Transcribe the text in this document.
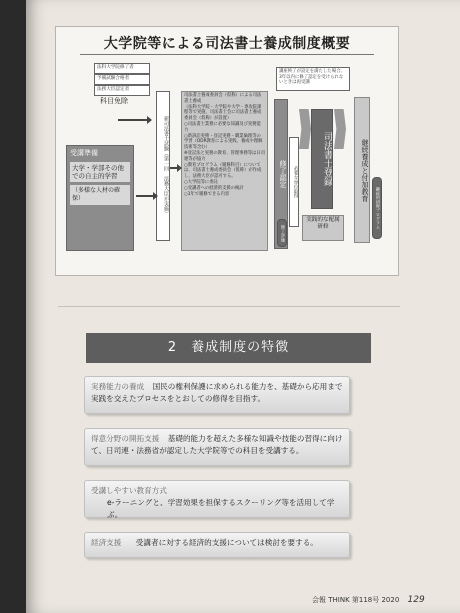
大学院等による司法書士養成制度概要
法科大学院修了者
予備試験合格者
法務大臣認定者
科目免除
受講準備
大学・学部その他での自主的学習
（多様な人材の確保）	新司法書士試験（第一回　法務大臣が実施）
司法書士養成委員会（仮称）による司法書士養成
（法科大学院・大学院や大学・専攻院課程等で実施、司法書士会に司法書士養成委員会（仮称）が設置）
○司法書士業務に必要な知識及び実務能力
○新訴訟実務・登記実務・職業倫理等の学習（ODR教育による実践、養成や理解技術等含む）
※登記法と実務の教育、管理事務等は日司連等が協力
○教育プログラム（履修科目）については、司法書士養成委員会（仮称）が作成し、法務大臣が認可する。
○大学院等に委託
○受講者への経済的支援の検討
○1年で履修できる内容
講座終了が設定を満たした場合、3年以内に修了認定を受けられないときは再受講
修了認定	必要な単位取得
修了評価
司法書士登録
実践的な配属研修
継続養成と付加教育
継続的研修プログラム
2　養成制度の特徴
実務能力の養成 国民の権利保護に求められる能力を、基礎から応用まで実践を交えたプロセスをとおしての修得を目指す。
得意分野の開拓支援 基礎的能力を超えた多様な知識や技能の習得に向けて、日司連・法務省が認定した大学院等での科目を受講する。
受講しやすい教育方式
e-ラーニングと、学習効果を担保するスクーリング等を活用して学ぶ。
経済支援 受講者に対する経済的支援については検討を要する。
会報 THINK 第118号 2020 129
